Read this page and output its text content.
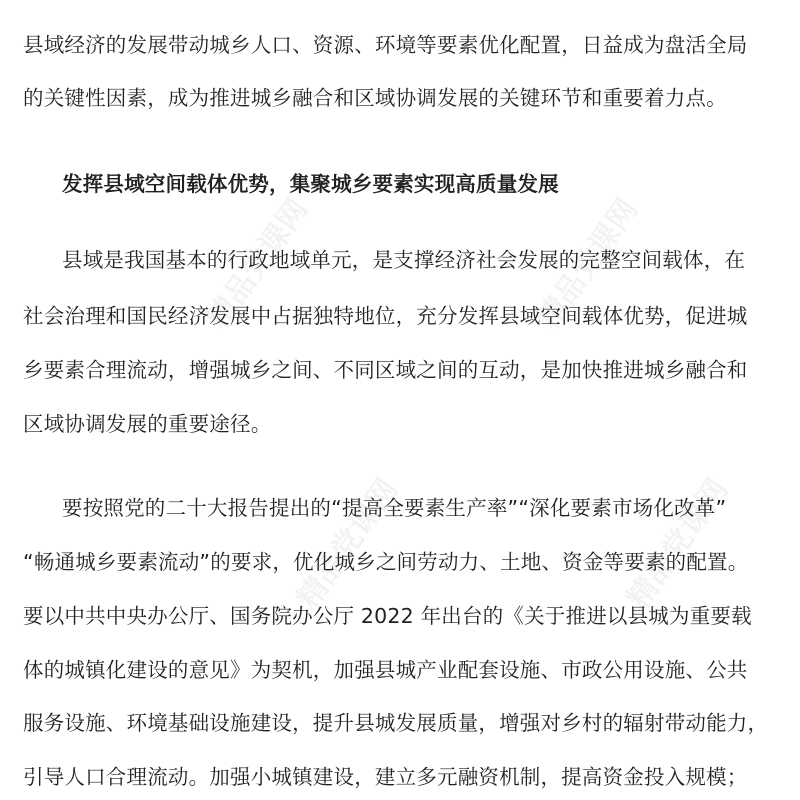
精品党课网	精品党课网
精品党课网	精品党课网
县域经济的发展带动城乡人口、资源、环境等要素优化配置，日益成为盘活全局
的关键性因素，成为推进城乡融合和区域协调发展的关键环节和重要着力点。
发挥县域空间载体优势，集聚城乡要素实现高质量发展
县域是我国基本的行政地域单元，是支撑经济社会发展的完整空间载体，在
社会治理和国民经济发展中占据独特地位，充分发挥县域空间载体优势，促进城
乡要素合理流动，增强城乡之间、不同区域之间的互动，是加快推进城乡融合和
区域协调发展的重要途径。
要按照党的二十大报告提出的“提高全要素生产率”“深化要素市场化改革”
“畅通城乡要素流动”的要求，优化城乡之间劳动力、土地、资金等要素的配置。
要以中共中央办公厅、国务院办公厅 2022 年出台的《关于推进以县城为重要载
体的城镇化建设的意见》为契机，加强县城产业配套设施、市政公用设施、公共
服务设施、环境基础设施建设，提升县城发展质量，增强对乡村的辐射带动能力，
引导人口合理流动。加强小城镇建设，建立多元融资机制，提高资金投入规模；
